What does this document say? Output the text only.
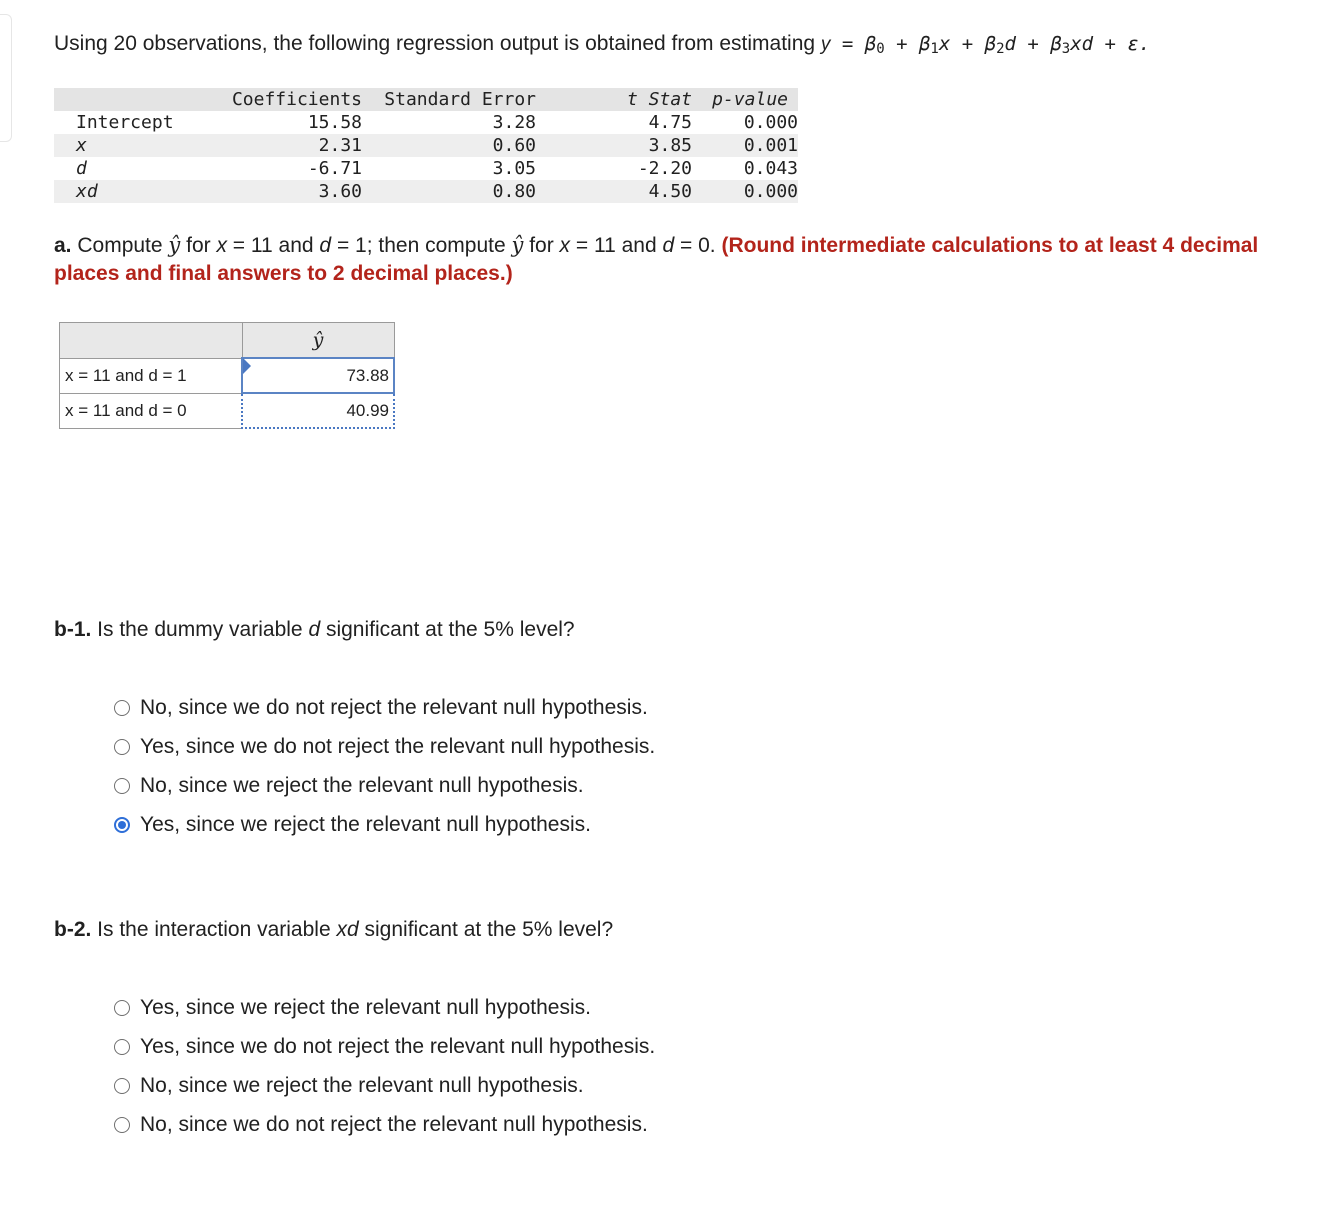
Using 20 observations, the following regression output is obtained from estimating $y = \beta_0 + \beta_1x + \beta_2d + \beta_3xd + \varepsilon$.
	Coefficients	Standard Error	t Stat	p-value
Intercept	15.58	3.28	4.75	0.000
x	2.31	0.60	3.85	0.001
d	-6.71	3.05	-2.20	0.043
xd	3.60	0.80	4.50	0.000
a. Compute ŷ for x = 11 and d = 1; then compute ŷ for x = 11 and d = 0. (Round intermediate calculations to at least 4 decimal places and final answers to 2 decimal places.)
	ŷ
x = 11 and d = 1	73.88
x = 11 and d = 0	40.99
b-1. Is the dummy variable d significant at the 5% level?
No, since we do not reject the relevant null hypothesis.
Yes, since we do not reject the relevant null hypothesis.
No, since we reject the relevant null hypothesis.
Yes, since we reject the relevant null hypothesis.
b-2. Is the interaction variable xd significant at the 5% level?
Yes, since we reject the relevant null hypothesis.
Yes, since we do not reject the relevant null hypothesis.
No, since we reject the relevant null hypothesis.
No, since we do not reject the relevant null hypothesis.
